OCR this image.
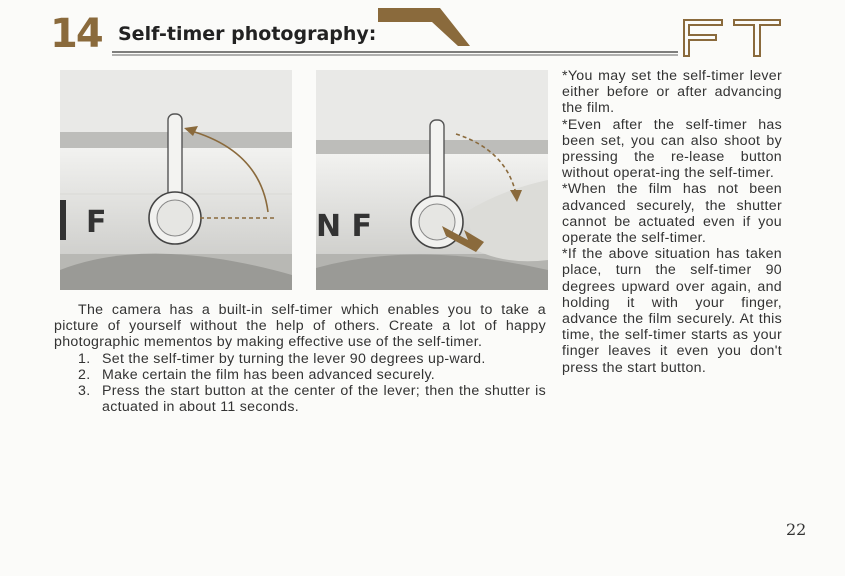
14 Self-timer photography:
F	N F

The camera has a built-in self-timer which enables you to take a picture of yourself without the help of others. Create a lot of happy photographic mementos by making effective use of the self-timer.

1. Set the self-timer by turning the lever 90 degrees up-ward.
2. Make certain the film has been advanced securely.
3. Press the start button at the center of the lever; then the shutter is actuated in about 11 seconds.

*You may set the self-timer lever either before or after advancing the film.

*Even after the self-timer has been set, you can also shoot by pressing the re-lease button without operat-ing the self-timer.

*When the film has not been advanced securely, the shutter cannot be actuated even if you operate the self-timer.

*If the above situation has taken place, turn the self-timer 90 degrees upward over again, and holding it with your finger, advance the film securely. At this time, the self-timer starts as your finger leaves it even you don't press the start button.

22
